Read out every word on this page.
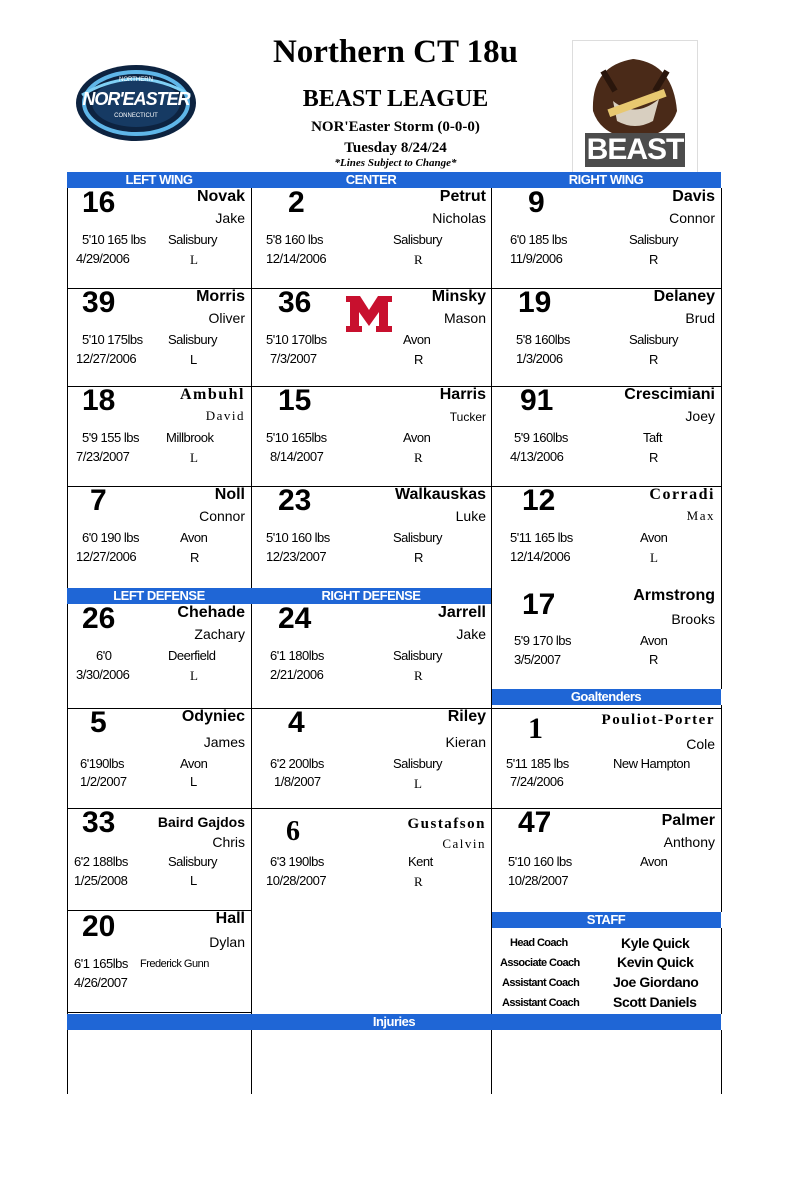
Northern CT 18u
BEAST LEAGUE
NOR'Easter Storm (0-0-0)
Tuesday 8/24/24
*Lines Subject to Change*
NORTHERN
NOR'EASTER
CONNECTICUT
BEAST
LEFT WING	CENTER	RIGHT WING
LEFT DEFENSE	RIGHT DEFENSE
Goaltenders
STAFF
Injuries
16	Novak
Jake
5'10 165 lbs Salisbury
4/29/2006	L
2	Petrut
Nicholas
5'8 160 lbs	Salisbury
12/14/2006	R
9	Davis
Connor
6'0 185 lbs	Salisbury
11/9/2006	R
39	Morris
Oliver
5'10 175lbs Salisbury
12/27/2006	L
36	Minsky
Mason
5'10 170lbs	Avon
7/3/2007	R
19	Delaney
Brud
5'8 160lbs	Salisbury
1/3/2006	R
18	Ambuhl
David
5'9 155 lbs Millbrook
7/23/2007	L
15	Harris
Tucker
5'10 165lbs	Avon
8/14/2007	R
91	Crescimiani
Joey
5'9 160lbs	Taft
4/13/2006	R
7	Noll
Connor
6'0 190 lbs	Avon
12/27/2006	R
23	Walkauskas
Luke
5'10 160 lbs	Salisbury
12/23/2007	R
12	Corradi
Max
5'11 165 lbs	Avon
12/14/2006	L
26	Chehade
Zachary
6'0	Deerfield
3/30/2006	L
24	Jarrell
Jake
6'1 180lbs	Salisbury
2/21/2006	R
17	Armstrong
Brooks
5'9 170 lbs	Avon
3/5/2007	R
5	Odyniec
James
6'190lbs	Avon
1/2/2007	L
4	Riley
Kieran
6'2 200lbs	Salisbury
1/8/2007	L
1	Pouliot-Porter
Cole
5'11 185 lbs	New Hampton
7/24/2006
33	Baird Gajdos
Chris
6'2 188lbs	Salisbury
1/25/2008	L
6	Gustafson
Calvin
6'3 190lbs	Kent
10/28/2007	R
47	Palmer
Anthony
5'10 160 lbs	Avon
10/28/2007
20	Hall
Dylan
6'1 165lbs Frederick Gunn
4/26/2007
Head Coach	Kyle Quick
Associate Coach	Kevin Quick
Assistant Coach Joe Giordano
Assistant Coach Scott Daniels
